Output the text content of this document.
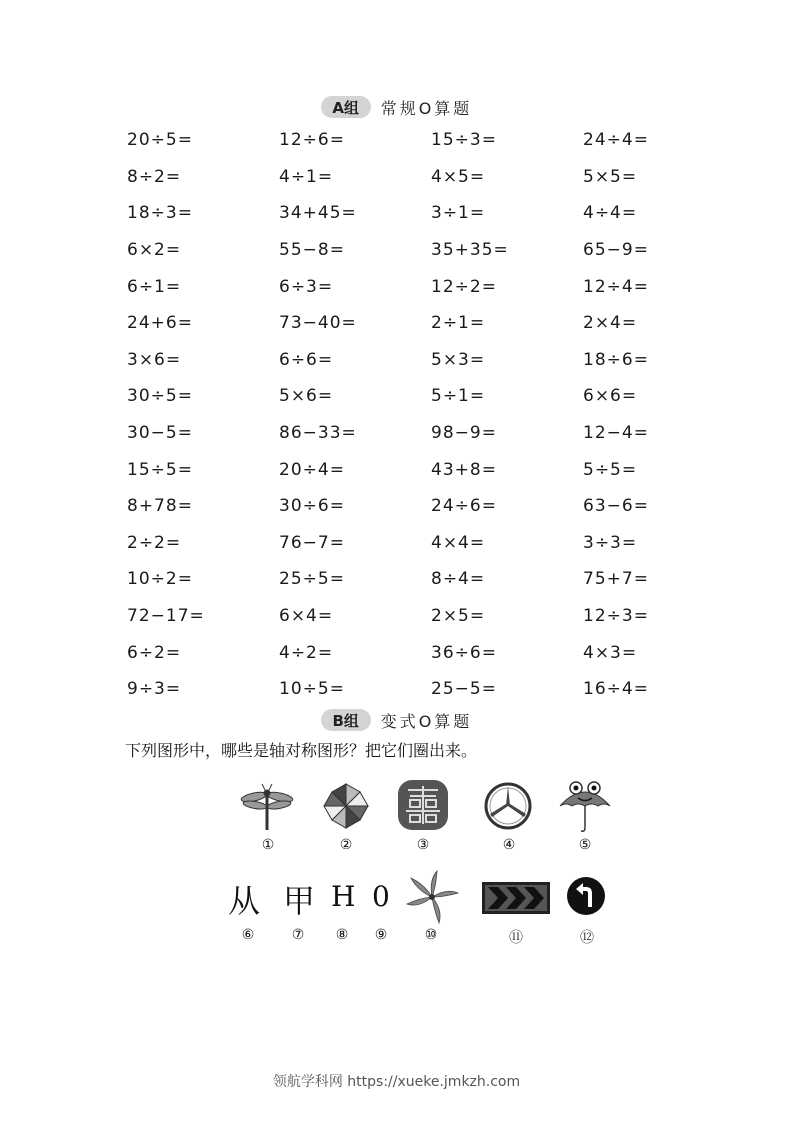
A组	常规O算题
20÷5=	12÷6=	15÷3=	24÷4=
8÷2=	4÷1=	4×5=	5×5=
18÷3=	34+45=	3÷1=	4÷4=
6×2=	55−8=	35+35=	65−9=
6÷1=	6÷3=	12÷2=	12÷4=
24+6=	73−40=	2÷1=	2×4=
3×6=	6÷6=	5×3=	18÷6=
30÷5=	5×6=	5÷1=	6×6=
30−5=	86−33=	98−9=	12−4=
15÷5=	20÷4=	43+8=	5÷5=
8+78=	30÷6=	24÷6=	63−6=
2÷2=	76−7=	4×4=	3÷3=
10÷2=	25÷5=	8÷4=	75+7=
72−17=	6×4=	2×5=	12÷3=
6÷2=	4÷2=	36÷6=	4×3=
9÷3=	10÷5=	25−5=	16÷4=
B组	变式O算题
下列图形中，哪些是轴对称图形？把它们圈出来。
①	②	③	④	⑤
从 甲 H 0
⑥	⑦	⑧	⑨	⑩	⑪	⑫
领航学科网 https://xueke.jmkzh.com
